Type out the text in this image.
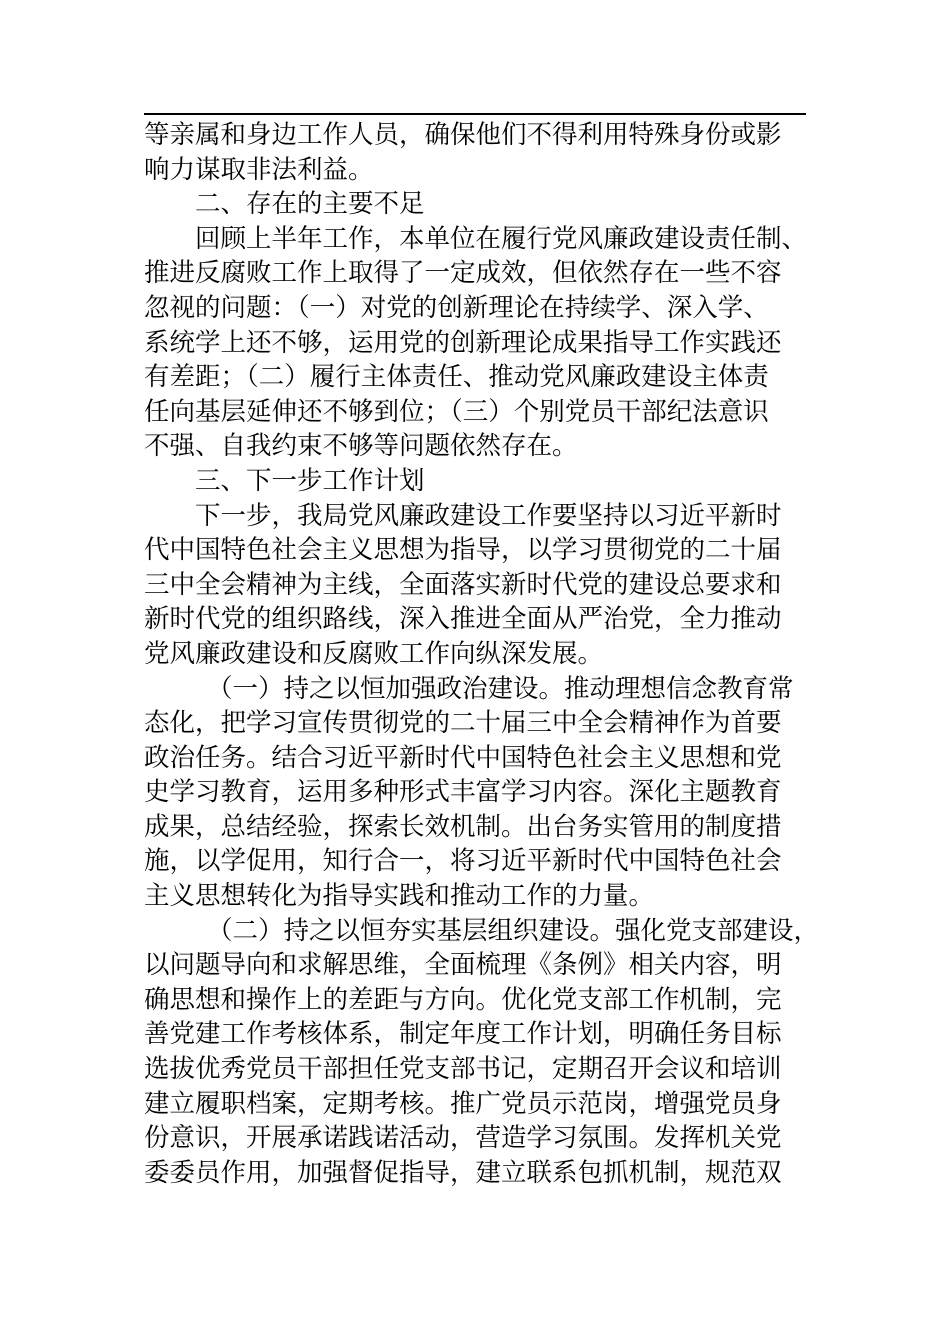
等亲属和身边工作人员，确保他们不得利用特殊身份或影
响力谋取非法利益。
二、存在的主要不足
回顾上半年工作，本单位在履行党风廉政建设责任制、
推进反腐败工作上取得了一定成效，但依然存在一些不容
忽视的问题：（一）对党的创新理论在持续学、深入学、
系统学上还不够，运用党的创新理论成果指导工作实践还
有差距；（二）履行主体责任、推动党风廉政建设主体责
任向基层延伸还不够到位；（三）个别党员干部纪法意识
不强、自我约束不够等问题依然存在。
三、下一步工作计划
下一步，我局党风廉政建设工作要坚持以习近平新时
代中国特色社会主义思想为指导，以学习贯彻党的二十届
三中全会精神为主线，全面落实新时代党的建设总要求和
新时代党的组织路线，深入推进全面从严治党，全力推动
党风廉政建设和反腐败工作向纵深发展。
（一）持之以恒加强政治建设。推动理想信念教育常
态化，把学习宣传贯彻党的二十届三中全会精神作为首要
政治任务。结合习近平新时代中国特色社会主义思想和党
史学习教育，运用多种形式丰富学习内容。深化主题教育
成果，总结经验，探索长效机制。出台务实管用的制度措
施，以学促用，知行合一，将习近平新时代中国特色社会
主义思想转化为指导实践和推动工作的力量。
（二）持之以恒夯实基层组织建设。强化党支部建设，
以问题导向和求解思维，全面梳理《条例》相关内容，明
确思想和操作上的差距与方向。优化党支部工作机制，完
善党建工作考核体系，制定年度工作计划，明确任务目标
选拔优秀党员干部担任党支部书记，定期召开会议和培训
建立履职档案，定期考核。推广党员示范岗，增强党员身
份意识，开展承诺践诺活动，营造学习氛围。发挥机关党
委委员作用，加强督促指导，建立联系包抓机制，规范双
